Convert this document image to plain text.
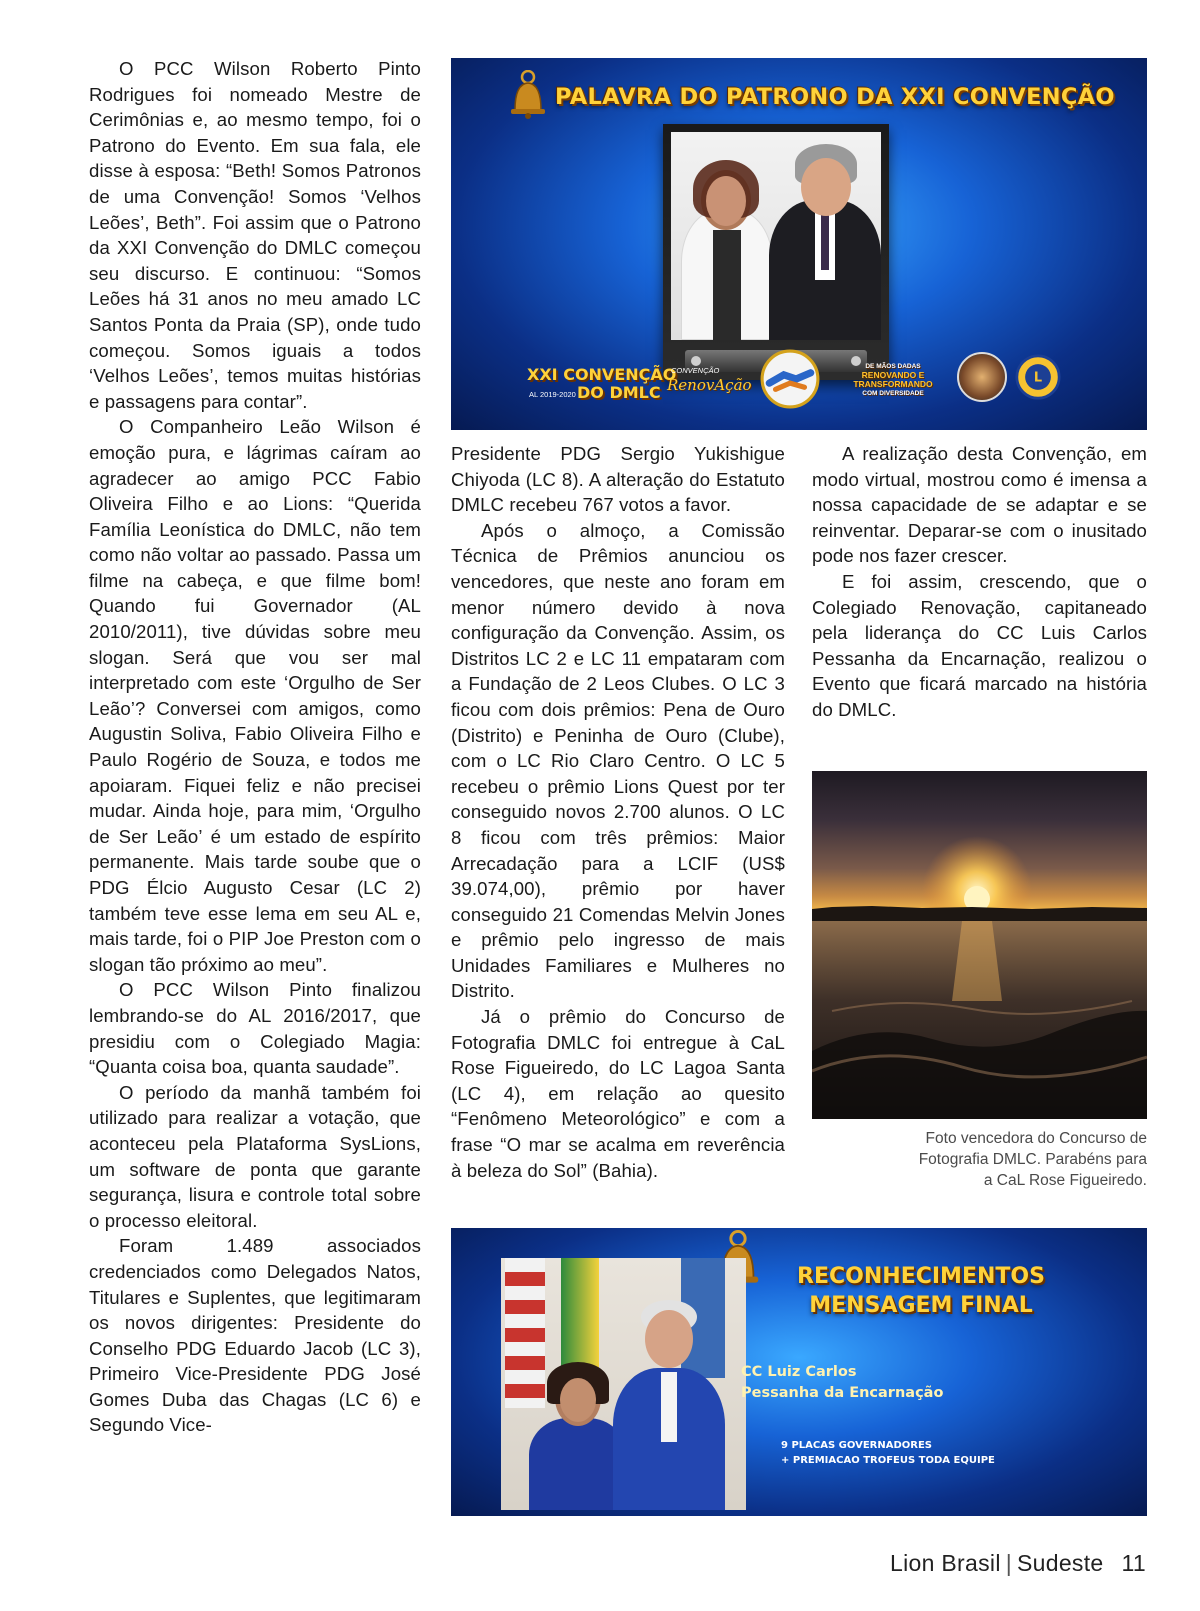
O PCC Wilson Roberto Pinto Rodrigues foi nomeado Mestre de Cerimônias e, ao mesmo tempo, foi o Patrono do Evento. Em sua fala, ele disse à esposa: “Beth! Somos Patronos de uma Convenção! Somos ‘Velhos Leões’, Beth”. Foi assim que o Patrono da XXI Convenção do DMLC começou seu discurso. E continuou: “Somos Leões há 31 anos no meu amado LC Santos Ponta da Praia (SP), onde tudo começou. Somos iguais a todos ‘Velhos Leões’, temos muitas histórias e passagens para contar”.

O Companheiro Leão Wilson é emoção pura, e lágrimas caíram ao agradecer ao amigo PCC Fabio Oliveira Filho e ao Lions: “Querida Família Leonística do DMLC, não tem como não voltar ao passado. Passa um filme na cabeça, e que filme bom! Quando fui Governador (AL 2010/2011), tive dúvidas sobre meu slogan. Será que vou ser mal interpretado com este ‘Orgulho de Ser Leão’? Conversei com amigos, como Augustin Soliva, Fabio Oliveira Filho e Paulo Rogério de Souza, e todos me apoiaram. Fiquei feliz e não precisei mudar. Ainda hoje, para mim, ‘Orgulho de Ser Leão’ é um estado de espírito permanente. Mais tarde soube que o PDG Élcio Augusto Cesar (LC 2) também teve esse lema em seu AL e, mais tarde, foi o PIP Joe Preston com o slogan tão próximo ao meu”.

O PCC Wilson Pinto finalizou lembrando-se do AL 2016/2017, que presidiu com o Colegiado Magia: “Quanta coisa boa, quanta saudade”.

O período da manhã também foi utilizado para realizar a votação, que aconteceu pela Plataforma SysLions, um software de ponta que garante segurança, lisura e controle total sobre o processo eleitoral.

Foram 1.489 associados credenciados como Delegados Natos, Titulares e Suplentes, que legitimaram os novos dirigentes: Presidente do Conselho PDG Eduardo Jacob (LC 3), Primeiro Vice-Presidente PDG José Gomes Duba das Chagas (LC 6) e Segundo Vice-

PALAVRA DO PATRONO DA XXI CONVENÇÃO
XXI CONVENÇÃO
DO DMLC
AL 2019-2020
CONVENÇÃO
RenovAção
DE MÃOS DADAS
RENOVANDO E
TRANSFORMANDO
COM DIVERSIDADE
L

Presidente PDG Sergio Yukishigue Chiyoda (LC 8). A alteração do Estatuto DMLC recebeu 767 votos a favor.

Após o almoço, a Comissão Técnica de Prêmios anunciou os vencedores, que neste ano foram em menor número devido à nova configuração da Convenção. Assim, os Distritos LC 2 e LC 11 empataram com a Fundação de 2 Leos Clubes. O LC 3 ficou com dois prêmios: Pena de Ouro (Distrito) e Peninha de Ouro (Clube), com o LC Rio Claro Centro. O LC 5 recebeu o prêmio Lions Quest por ter conseguido novos 2.700 alunos. O LC 8 ficou com três prêmios: Maior Arrecadação para a LCIF (US$ 39.074,00), prêmio por haver conseguido 21 Comendas Melvin Jones e prêmio pelo ingresso de mais Unidades Familiares e Mulheres no Distrito.

Já o prêmio do Concurso de Fotografia DMLC foi entregue à CaL Rose Figueiredo, do LC Lagoa Santa (LC 4), em relação ao quesito “Fenômeno Meteorológico” e com a frase “O mar se acalma em reverência à beleza do Sol” (Bahia).

A realização desta Convenção, em modo virtual, mostrou como é imensa a nossa capacidade de se adaptar e se reinventar. Deparar-se com o inusitado pode nos fazer crescer.

E foi assim, crescendo, que o Colegiado Renovação, capitaneado pela liderança do CC Luis Carlos Pessanha da Encarnação, realizou o Evento que ficará marcado na história do DMLC.

Foto vencedora do Concurso de
Fotografia DMLC. Parabéns para
a CaL Rose Figueiredo.
RECONHECIMENTOS
MENSAGEM FINAL
CC Luiz Carlos
Pessanha da Encarnação
9 PLACAS GOVERNADORES
+ PREMIACAO TROFEUS TODA EQUIPE
Lion Brasil | Sudeste 11
